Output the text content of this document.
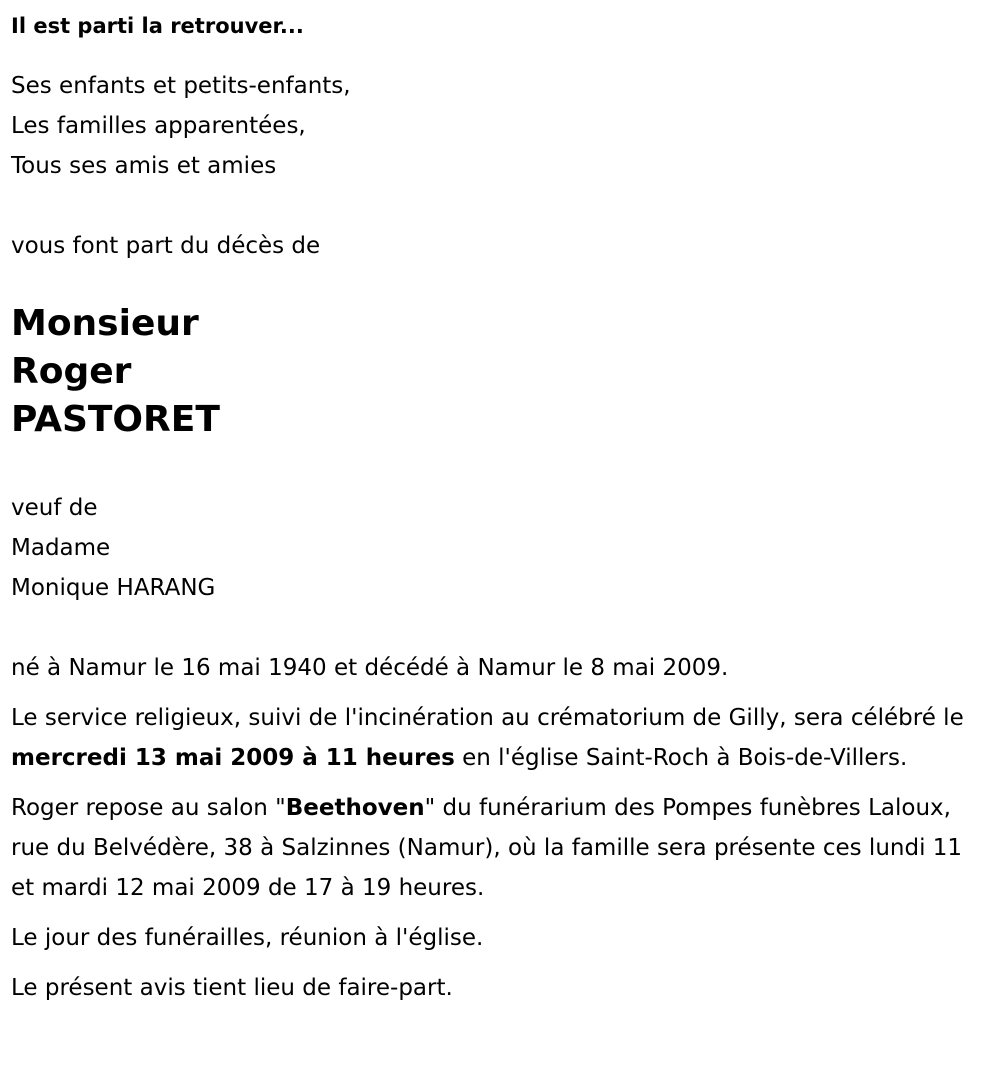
Il est parti la retrouver...

Ses enfants et petits-enfants,

Les familles apparentées,

Tous ses amis et amies

vous font part du décès de

Monsieur

Roger

PASTORET

veuf de

Madame

Monique HARANG

né à Namur le 16 mai 1940 et décédé à Namur le 8 mai 2009.

Le service religieux, suivi de l'incinération au crématorium de Gilly, sera célébré le mercredi 13 mai 2009 à 11 heures en l'église Saint-Roch à Bois-de-Villers.

Roger repose au salon "Beethoven" du funérarium des Pompes funèbres Laloux, rue du Belvédère, 38 à Salzinnes (Namur), où la famille sera présente ces lundi 11 et mardi 12 mai 2009 de 17 à 19 heures.

Le jour des funérailles, réunion à l'église.

Le présent avis tient lieu de faire-part.
